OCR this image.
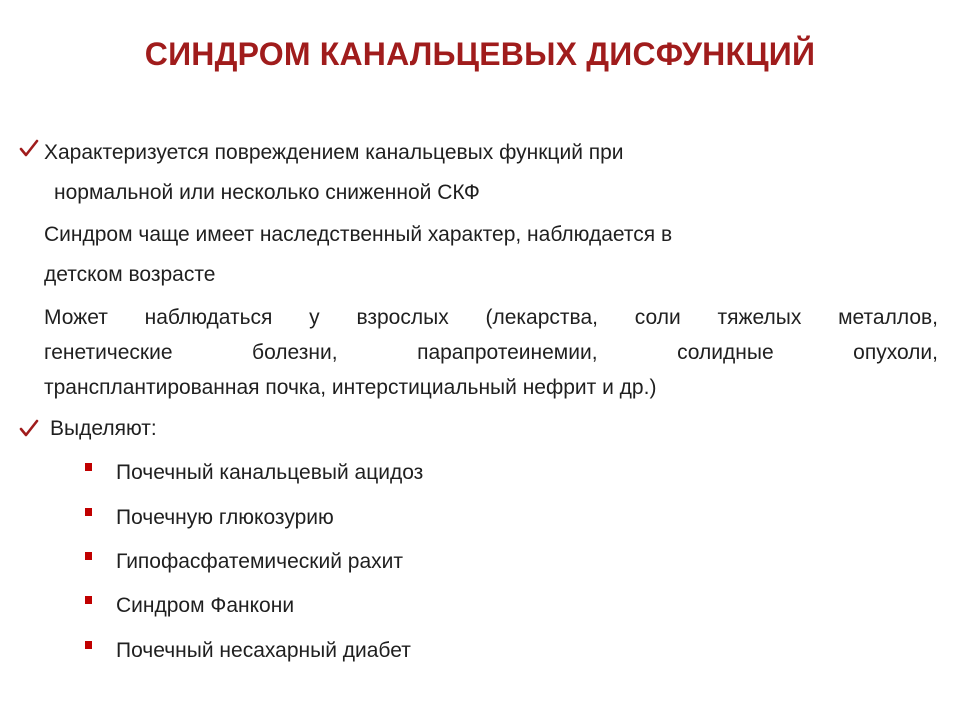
СИНДРОМ КАНАЛЬЦЕВЫХ ДИСФУНКЦИЙ
Характеризуется повреждением канальцевых функций при
нормальной или несколько сниженной СКФ
Синдром чаще имеет наследственный характер, наблюдается в
детском возрасте
Может наблюдаться у взрослых (лекарства, соли тяжелых металлов,
генетические болезни, парапротеинемии, солидные опухоли,
трансплантированная почка, интерстициальный нефрит и др.)
Выделяют:
Почечный канальцевый ацидоз
Почечную глюкозурию
Гипофасфатемический рахит
Синдром Фанкони
Почечный несахарный диабет
